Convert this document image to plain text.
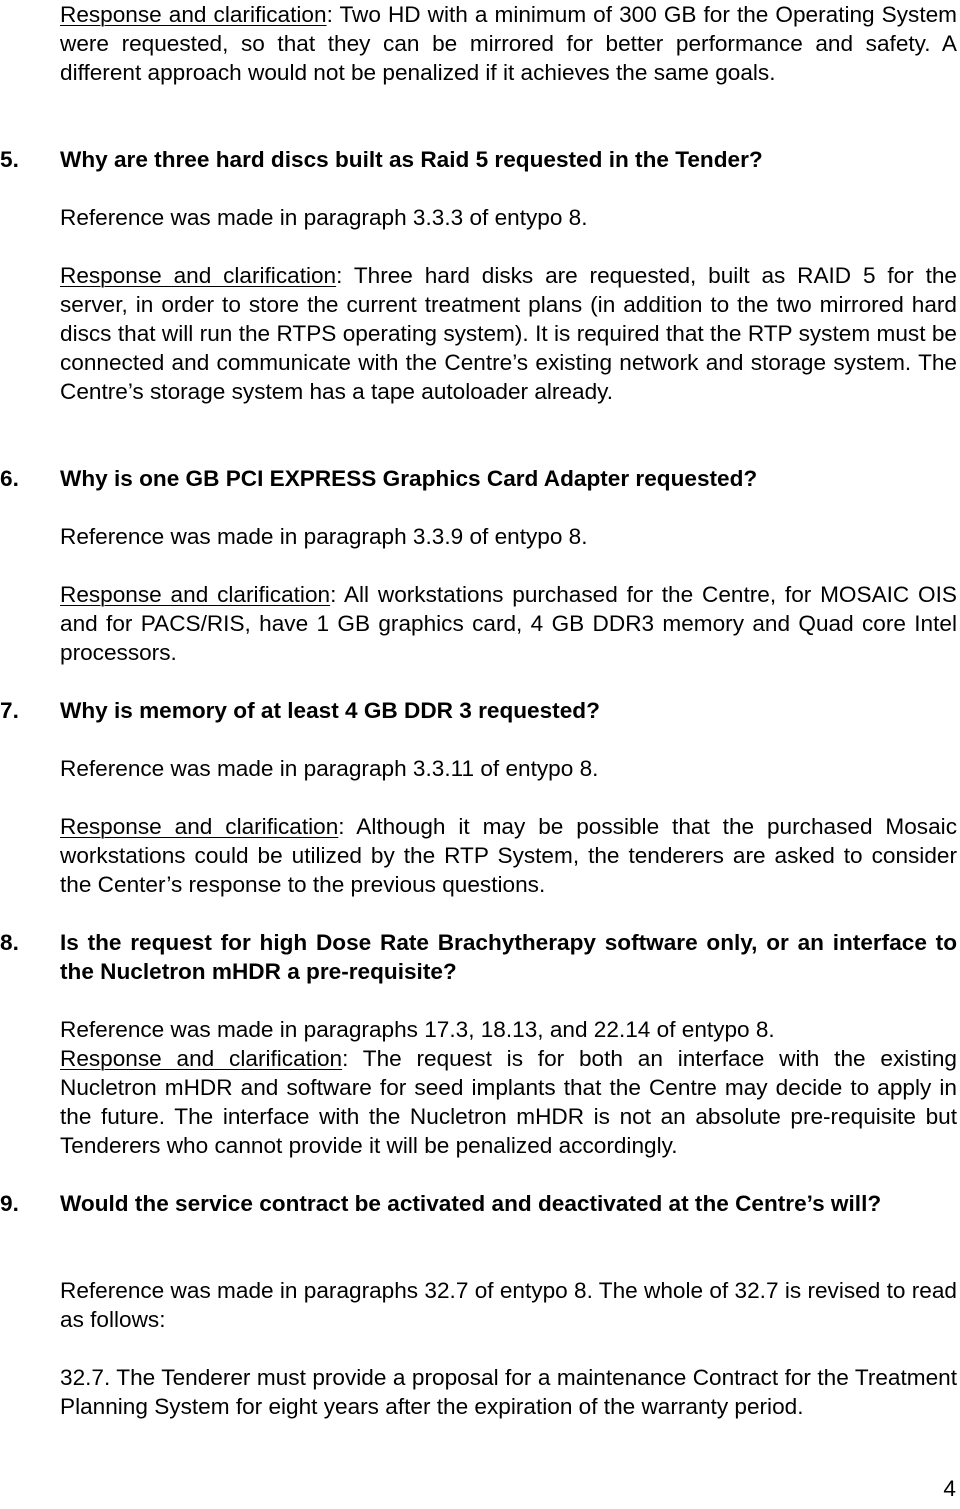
Response and clarification: Two HD with a minimum of 300 GB for the Operating System were requested, so that they can be mirrored for better performance and safety. A different approach would not be penalized if it achieves the same goals.

5. Why are three hard discs built as Raid 5 requested in the Tender?

Reference was made in paragraph 3.3.3 of entypo 8.

Response and clarification: Three hard disks are requested, built as RAID 5 for the server, in order to store the current treatment plans (in addition to the two mirrored hard discs that will run the RTPS operating system). It is required that the RTP system must be connected and communicate with the Centre’s existing network and storage system. The Centre’s storage system has a tape autoloader already.

6. Why is one GB PCI EXPRESS Graphics Card Adapter requested?

Reference was made in paragraph 3.3.9 of entypo 8.

Response and clarification: All workstations purchased for the Centre, for MOSAIC OIS and for PACS/RIS, have 1 GB graphics card, 4 GB DDR3 memory and Quad core Intel processors.

7. Why is memory of at least 4 GB DDR 3 requested?

Reference was made in paragraph 3.3.11 of entypo 8.

Response and clarification: Although it may be possible that the purchased Mosaic workstations could be utilized by the RTP System, the tenderers are asked to consider the Center’s response to the previous questions.

8. Is the request for high Dose Rate Brachytherapy software only, or an interface to the Nucletron mHDR a pre-requisite?

Reference was made in paragraphs 17.3, 18.13, and 22.14 of entypo 8.

Response and clarification: The request is for both an interface with the existing Nucletron mHDR and software for seed implants that the Centre may decide to apply in the future. The interface with the Nucletron mHDR is not an absolute pre-requisite but Tenderers who cannot provide it will be penalized accordingly.

9. Would the service contract be activated and deactivated at the Centre’s will?

Reference was made in paragraphs 32.7 of entypo 8. The whole of 32.7 is revised to read as follows:

32.7. The Tenderer must provide a proposal for a maintenance Contract for the Treatment Planning System for eight years after the expiration of the warranty period.

4
